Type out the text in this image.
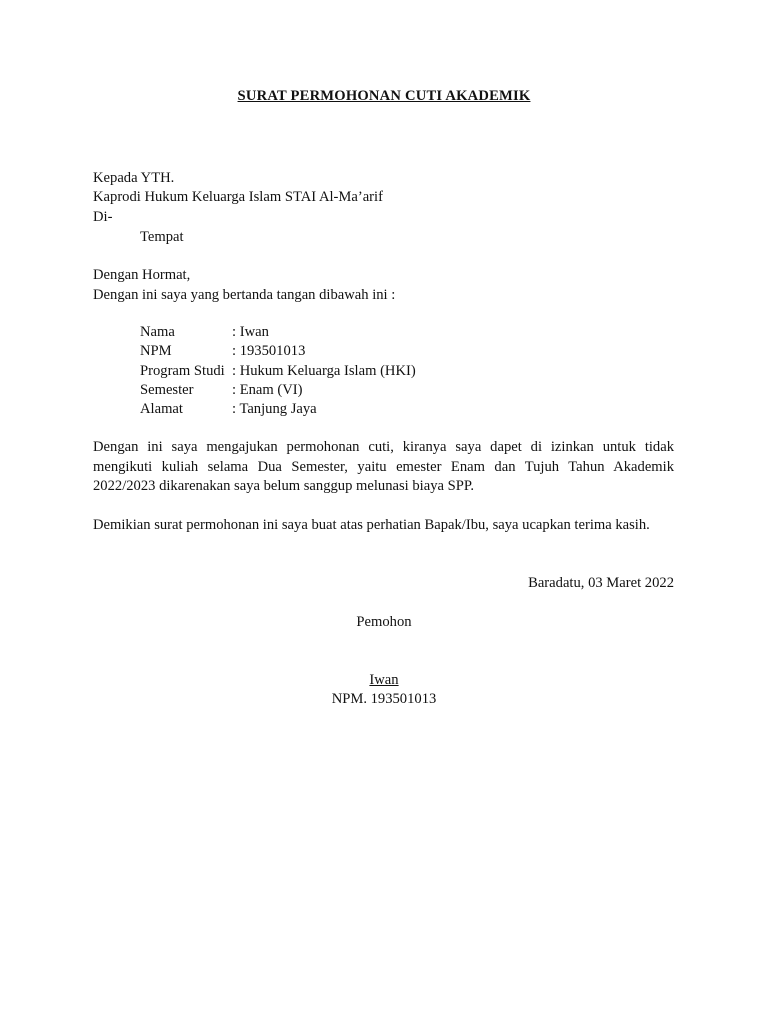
SURAT PERMOHONAN CUTI AKADEMIK
Kepada YTH.
Kaprodi Hukum Keluarga Islam STAI Al-Ma’arif
Di-
Tempat
Dengan Hormat,
Dengan ini saya yang bertanda tangan dibawah ini :
Nama	: Iwan
NPM	: 193501013
Program Studi : Hukum Keluarga Islam (HKI)
Semester	: Enam (VI)
Alamat	: Tanjung Jaya
Dengan ini saya mengajukan permohonan cuti, kiranya saya dapet di izinkan untuk tidak mengikuti kuliah selama Dua Semester, yaitu emester Enam dan Tujuh Tahun Akademik 2022/2023 dikarenakan saya belum sanggup melunasi biaya SPP.
Demikian surat permohonan ini saya buat atas perhatian Bapak/Ibu, saya ucapkan terima kasih.
Baradatu, 03 Maret 2022
Pemohon
Iwan
NPM. 193501013
